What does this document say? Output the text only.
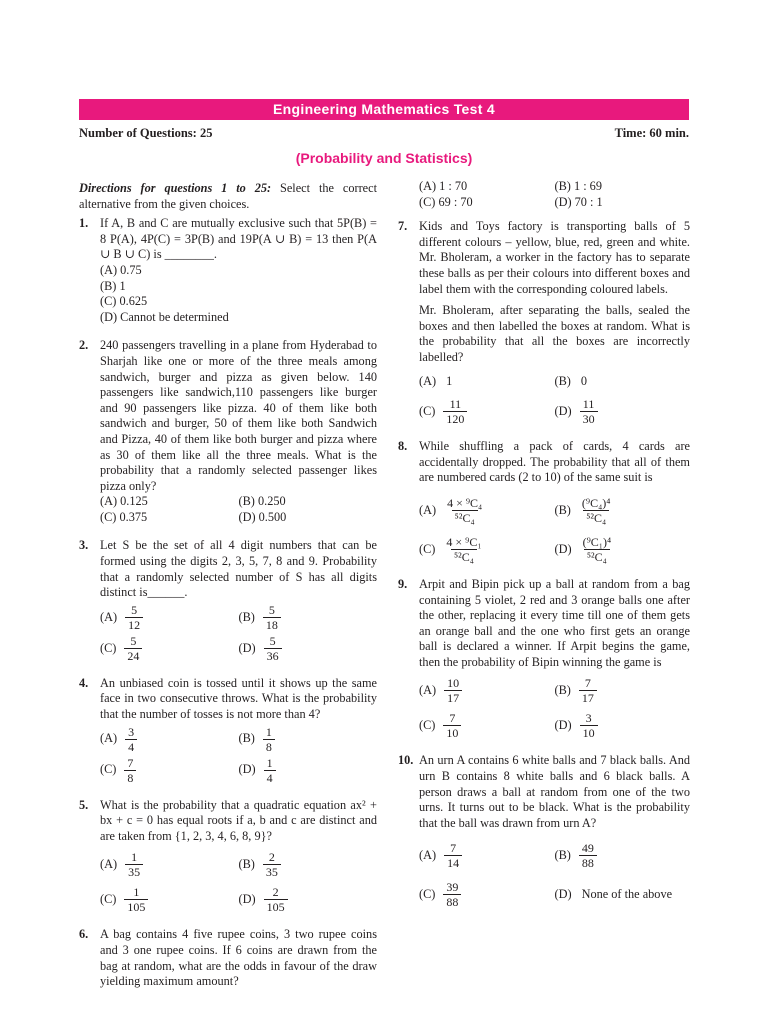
Engineering Mathematics Test 4
Number of Questions: 25	Time: 60 min.
(Probability and Statistics)
Directions for questions 1 to 25: Select the correct alternative from the given choices.
1. If A, B and C are mutually exclusive such that 5P(B) = 8 P(A), 4P(C) = 3P(B) and 19P(A ∪ B) = 13 then P(A ∪ B ∪ C) is ________.

(A) 0.75
(B) 1
(C) 0.625
(D) Cannot be determined
2. 240 passengers travelling in a plane from Hyderabad to Sharjah like one or more of the three meals among sandwich, burger and pizza as given below. 140 passengers like sandwich,110 passengers like burger and 90 passengers like pizza. 40 of them like both sandwich and burger, 50 of them like both Sandwich and Pizza, 40 of them like both burger and pizza where as 30 of them like all the three meals. What is the probability that a randomly selected passenger likes pizza only?

(A) 0.125	(B) 0.250
(C) 0.375	(D) 0.500
3. Let S be the set of all 4 digit numbers that can be formed using the digits 2, 3, 5, 7, 8 and 9. Probability that a randomly selected number of S has all digits distinct is______.

$(A) \frac{5}{12}$	$(B) \frac{5}{18}$
$(C) \frac{5}{24}$	$(D) \frac{5}{36}$
4. An unbiased coin is tossed until it shows up the same face in two consecutive throws. What is the probability that the number of tosses is not more than 4?

$(A) \frac{3}{4}$	$(B) \frac{1}{8}$
$(C) \frac{7}{8}$	$(D) \frac{1}{4}$
5. What is the probability that a quadratic equation ax² + bx + c = 0 has equal roots if a, b and c are distinct and are taken from {1, 2, 3, 4, 6, 8, 9}?

$(A) \frac{1}{35}$	$(B) \frac{2}{35}$
$(C) \frac{1}{105}$	$(D) \frac{2}{105}$
6. A bag contains 4 five rupee coins, 3 two rupee coins and 3 one rupee coins. If 6 coins are drawn from the bag at random, what are the odds in favour of the draw yielding maximum amount?

(A) 1 : 70	(B) 1 : 69
(C) 69 : 70	(D) 70 : 1
7. Kids and Toys factory is transporting balls of 5 different colours – yellow, blue, red, green and white. Mr. Bholeram, a worker in the factory has to separate these balls as per their colours into different boxes and label them with the corresponding coloured labels.

Mr. Bholeram, after separating the balls, sealed the boxes and then labelled the boxes at random. What is the probability that all the boxes are incorrectly labelled?

(A) 1	(B) 0
$(C) \frac{11}{120}$	$(D) \frac{11}{30}$
8. While shuffling a pack of cards, 4 cards are accidentally dropped. The probability that all of them are numbered cards (2 to 10) of the same suit is

$(A) \frac{\text{4 × ⁹C₄}}{\text{⁵²C₄}}$	$(B) \frac{\text{(⁹C₄)⁴}}{\text{⁵²C₄}}$
$(C) \frac{\text{4 × ⁹C₁}}{\text{⁵²C₄}}$	$(D) \frac{\text{(⁹C₁)⁴}}{\text{⁵²C₄}}$
9. Arpit and Bipin pick up a ball at random from a bag containing 5 violet, 2 red and 3 orange balls one after the other, replacing it every time till one of them gets an orange ball and the one who first gets an orange ball is declared a winner. If Arpit begins the game, then the probability of Bipin winning the game is

$(A) \frac{10}{17}$	$(B) \frac{7}{17}$
$(C) \frac{7}{10}$	$(D) \frac{3}{10}$
10. An urn A contains 6 white balls and 7 black balls. And urn B contains 8 white balls and 6 black balls. A person draws a ball at random from one of the two urns. It turns out to be black. What is the probability that the ball was drawn from urn A?

$(A) \frac{7}{14}$	$(B) \frac{49}{88}$
$(C) \frac{39}{88}$	(D) None of the above
